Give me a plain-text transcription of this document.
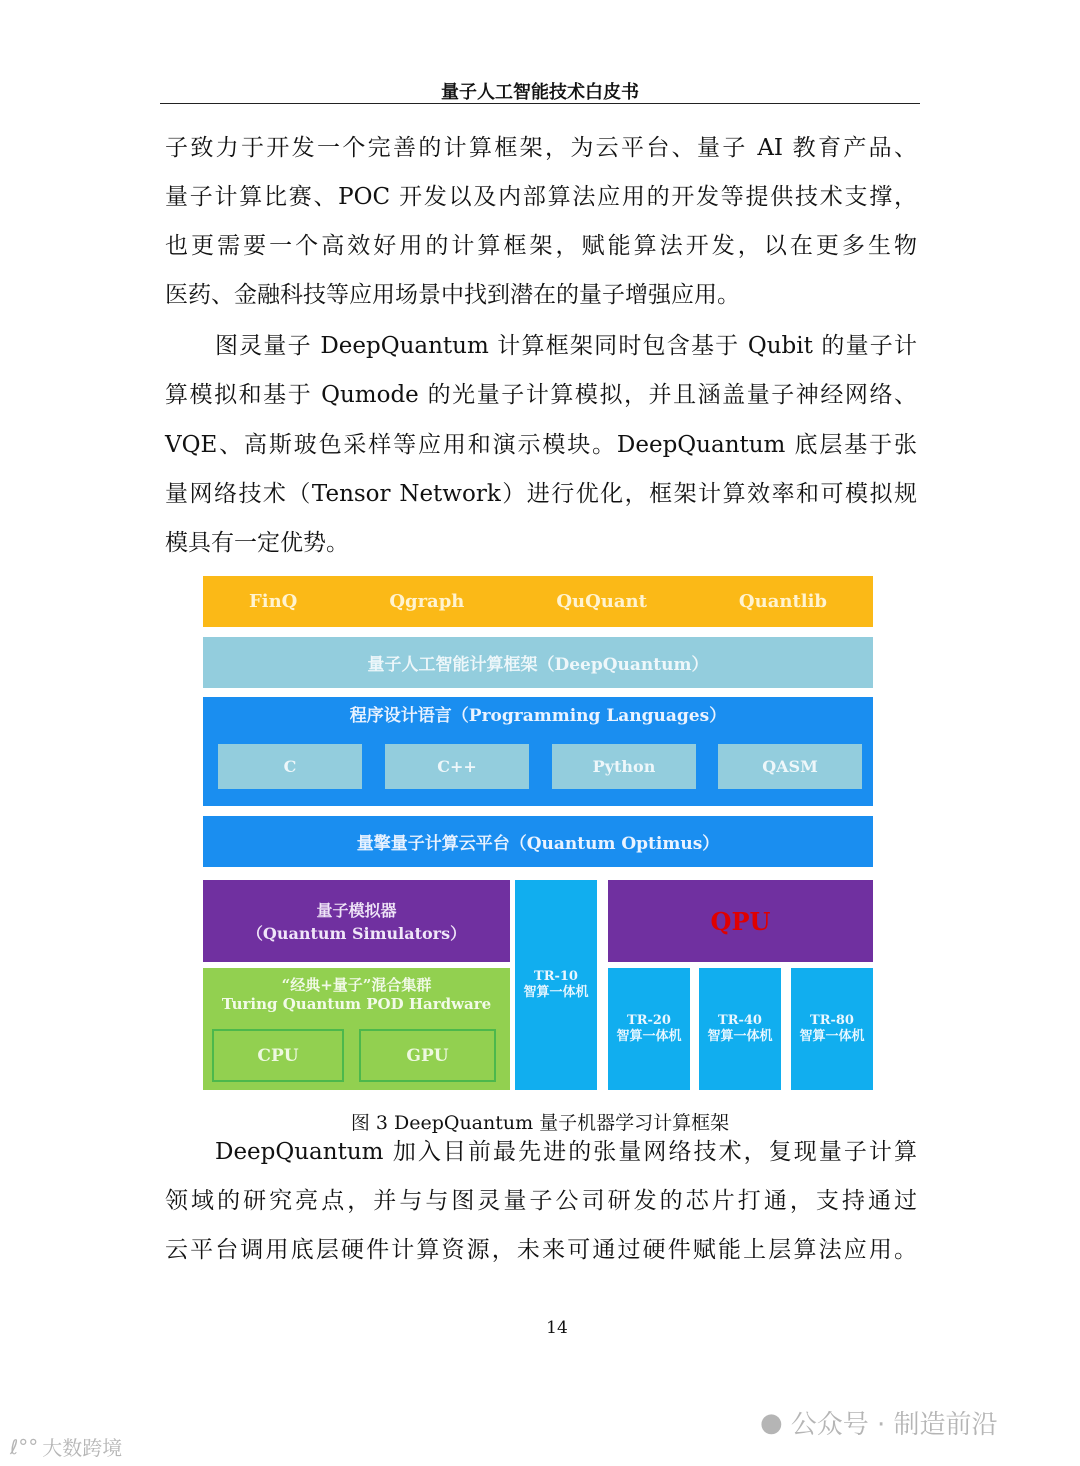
量子人工智能技术白皮书
子致力于开发一个完善的计算框架，为云平台、量子 AI 教育产品、
量子计算比赛、POC 开发以及内部算法应用的开发等提供技术支撑，
也更需要一个高效好用的计算框架，赋能算法开发，以在更多生物
医药、金融科技等应用场景中找到潜在的量子增强应用。
图灵量子 DeepQuantum 计算框架同时包含基于 Qubit 的量子计
算模拟和基于 Qumode 的光量子计算模拟，并且涵盖量子神经网络、
VQE、高斯玻色采样等应用和演示模块。DeepQuantum 底层基于张
量网络技术（Tensor Network）进行优化，框架计算效率和可模拟规
模具有一定优势。
FinQ	Qgraph	QuQuant	Quantlib
量子人工智能计算框架（DeepQuantum）
程序设计语言（Programming Languages）
C	C++	Python	QASM
量擎量子计算云平台（Quantum Optimus）
量子模拟器
（Quantum Simulators）
“经典+量子”混合集群
Turing Quantum POD Hardware
CPU	GPU
TR-10
智算一体机
QPU
TR-20
智算一体机
TR-40
智算一体机
TR-80
智算一体机
图 3 DeepQuantum 量子机器学习计算框架
DeepQuantum 加入目前最先进的张量网络技术，复现量子计算
领域的研究亮点，并与与图灵量子公司研发的芯片打通，支持通过
云平台调用底层硬件计算资源，未来可通过硬件赋能上层算法应用。
14
● 公众号 · 制造前沿
ℓ°° 大数跨境
